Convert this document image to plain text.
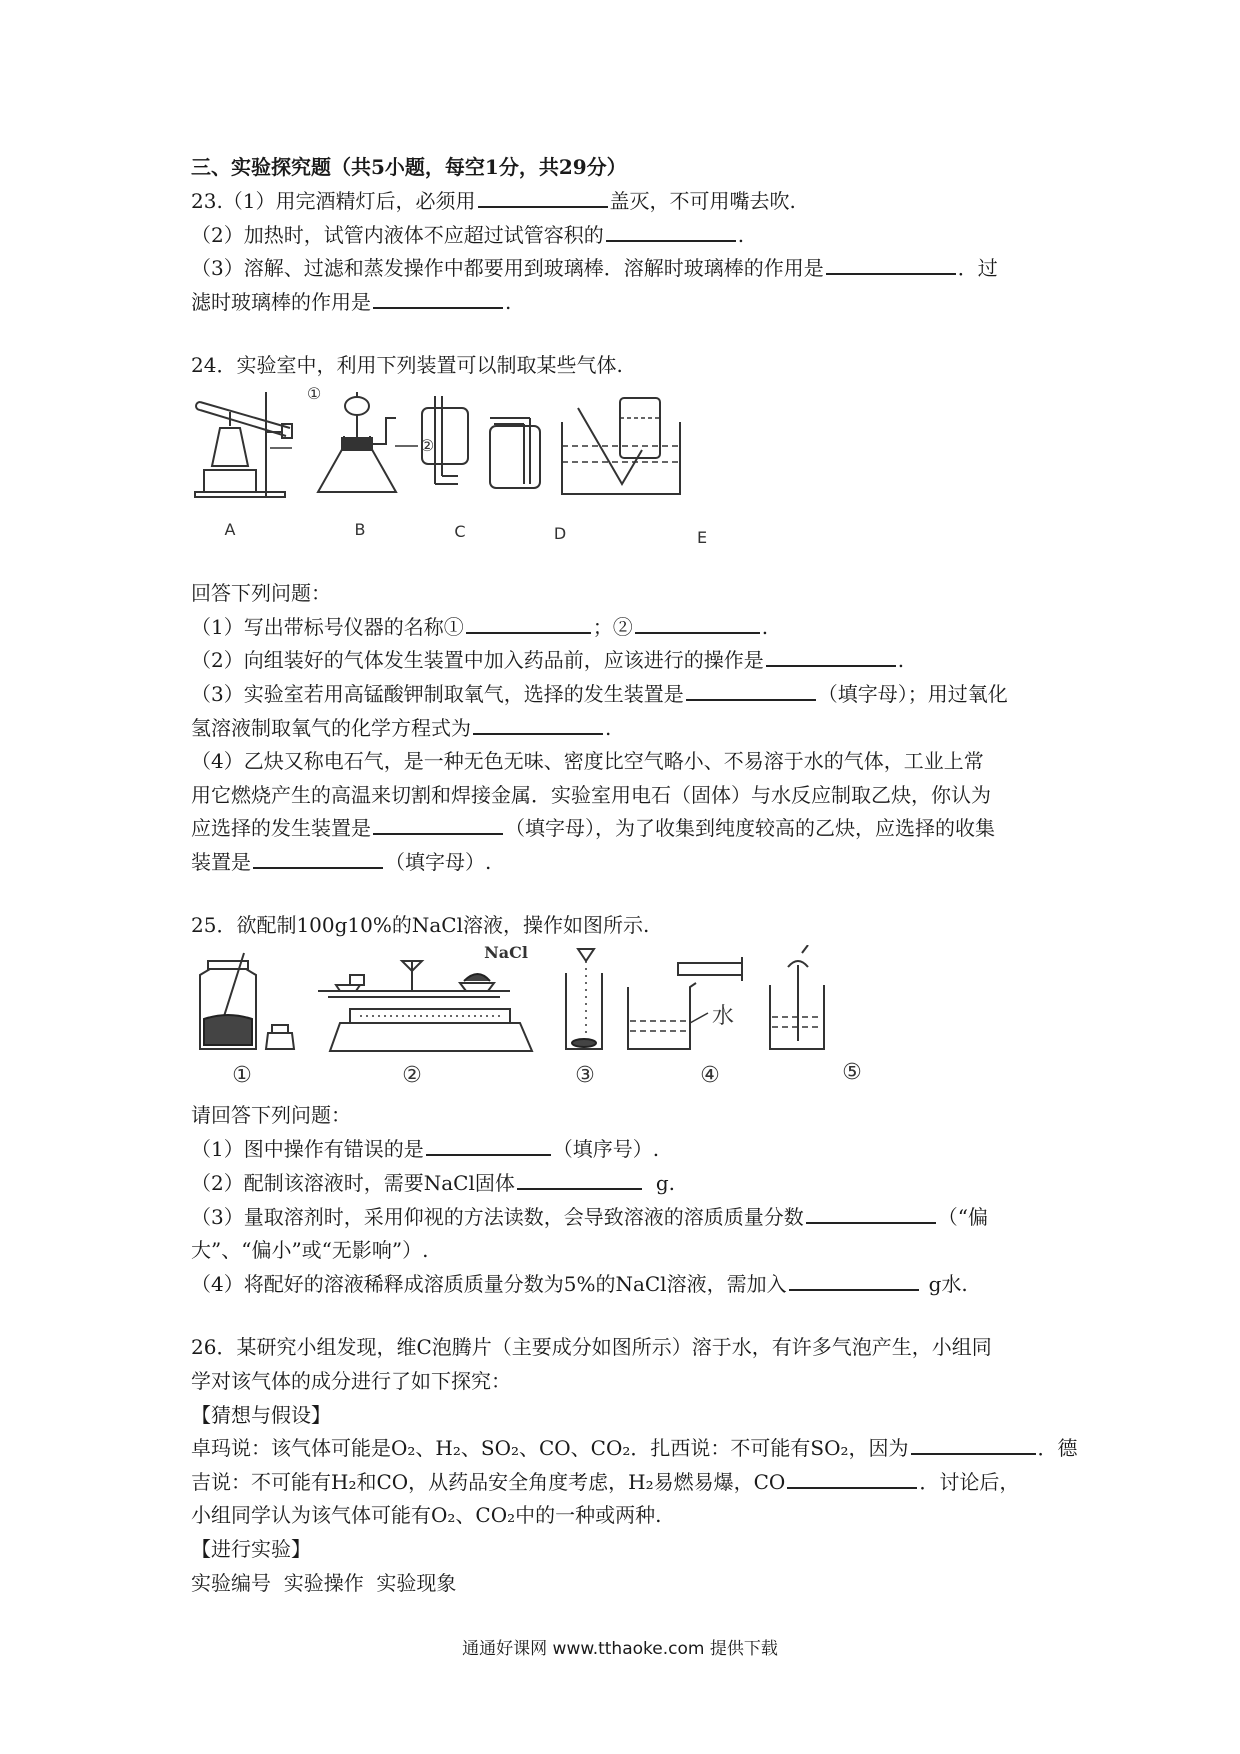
三、实验探究题（共5小题，每空1分，共29分）
23.（1）用完酒精灯后，必须用	盖灭，不可用嘴去吹.
（2）加热时，试管内液体不应超过试管容积的	.
（3）溶解、过滤和蒸发操作中都要用到玻璃棒．溶解时玻璃棒的作用是	．过
滤时玻璃棒的作用是	.
24．实验室中，利用下列装置可以制取某些气体.
①
②
A	B	C	D	E
回答下列问题：
（1）写出带标号仪器的名称①	；②	.
（2）向组装好的气体发生装置中加入药品前，应该进行的操作是	.
（3）实验室若用高锰酸钾制取氧气，选择的发生装置是	（填字母）；用过氧化
氢溶液制取氧气的化学方程式为	.
（4）乙炔又称电石气，是一种无色无味、密度比空气略小、不易溶于水的气体，工业上常
用它燃烧产生的高温来切割和焊接金属．实验室用电石（固体）与水反应制取乙炔，你认为
应选择的发生装置是	（填字母），为了收集到纯度较高的乙炔，应选择的收集
装置是	（填字母）.
25．欲配制100g10%的NaCl溶液，操作如图所示.
NaCl
水
①	②	③	④	⑤
请回答下列问题：
（1）图中操作有错误的是	（填序号）.
（2）配制该溶液时，需要NaCl固体	g.
（3）量取溶剂时，采用仰视的方法读数，会导致溶液的溶质质量分数	（“偏
大”、“偏小”或“无影响”）.
（4）将配好的溶液稀释成溶质质量分数为5%的NaCl溶液，需加入	g水.
26．某研究小组发现，维C泡腾片（主要成分如图所示）溶于水，有许多气泡产生，小组同
学对该气体的成分进行了如下探究：
【猜想与假设】
卓玛说：该气体可能是O₂、H₂、SO₂、CO、CO₂．扎西说：不可能有SO₂，因为	．德
吉说：不可能有H₂和CO，从药品安全角度考虑，H₂易燃易爆，CO	．讨论后，
小组同学认为该气体可能有O₂、CO₂中的一种或两种.
【进行实验】
实验编号  实验操作  实验现象
通通好课网 www.tthaoke.com 提供下载
